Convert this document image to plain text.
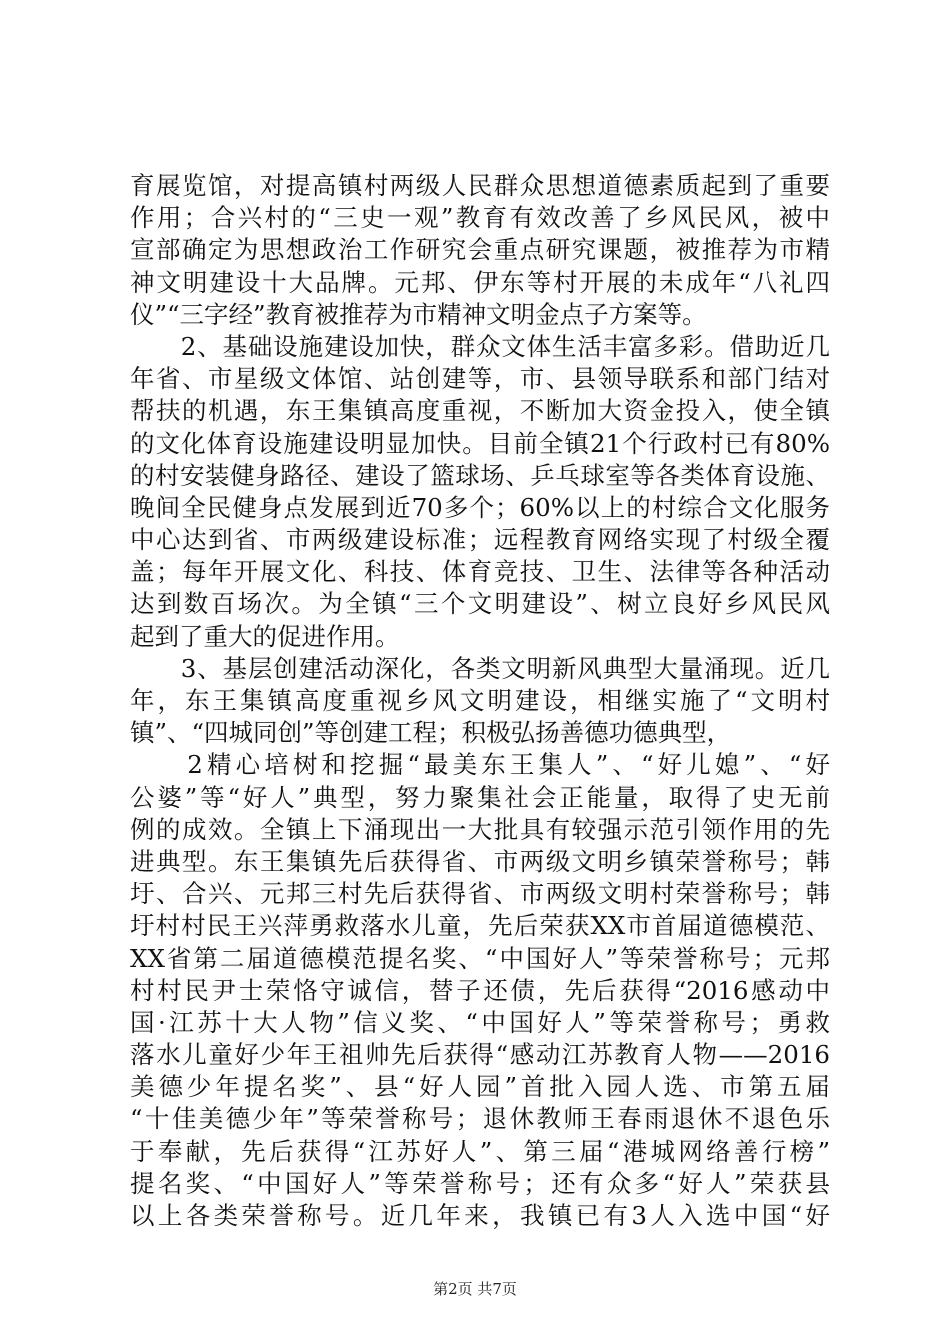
育展览馆，对提高镇村两级人民群众思想道德素质起到了重要
作用；合兴村的“三史一观”教育有效改善了乡风民风，被中
宣部确定为思想政治工作研究会重点研究课题，被推荐为市精
神文明建设十大品牌。元邦、伊东等村开展的未成年“八礼四
仪”“三字经”教育被推荐为市精神文明金点子方案等。
　　2、基础设施建设加快，群众文体生活丰富多彩。借助近几
年省、市星级文体馆、站创建等，市、县领导联系和部门结对
帮扶的机遇，东王集镇高度重视，不断加大资金投入，使全镇
的文化体育设施建设明显加快。目前全镇21个行政村已有80%
的村安装健身路径、建设了篮球场、乒乓球室等各类体育设施、
晚间全民健身点发展到近70多个；60%以上的村综合文化服务
中心达到省、市两级建设标准；远程教育网络实现了村级全覆
盖；每年开展文化、科技、体育竞技、卫生、法律等各种活动
达到数百场次。为全镇“三个文明建设”、树立良好乡风民风
起到了重大的促进作用。
　　3、基层创建活动深化，各类文明新风典型大量涌现。近几
年，东王集镇高度重视乡风文明建设，相继实施了“文明村
镇”、“四城同创”等创建工程；积极弘扬善德功德典型，
　　2精心培树和挖掘“最美东王集人”、“好儿媳”、“好
公婆”等“好人”典型，努力聚集社会正能量，取得了史无前
例的成效。全镇上下涌现出一大批具有较强示范引领作用的先
进典型。东王集镇先后获得省、市两级文明乡镇荣誉称号；韩
圩、合兴、元邦三村先后获得省、市两级文明村荣誉称号；韩
圩村村民王兴萍勇救落水儿童，先后荣获XX市首届道德模范、
XX省第二届道德模范提名奖、“中国好人”等荣誉称号；元邦
村村民尹士荣恪守诚信，替子还债，先后获得“2016感动中
国·江苏十大人物”信义奖、“中国好人”等荣誉称号；勇救
落水儿童好少年王祖帅先后获得“感动江苏教育人物——2016
美德少年提名奖”、县“好人园”首批入园人选、市第五届
“十佳美德少年”等荣誉称号；退休教师王春雨退休不退色乐
于奉献，先后获得“江苏好人”、第三届“港城网络善行榜”
提名奖、“中国好人”等荣誉称号；还有众多“好人”荣获县
以上各类荣誉称号。近几年来，我镇已有3人入选中国“好
第2页 共7页
